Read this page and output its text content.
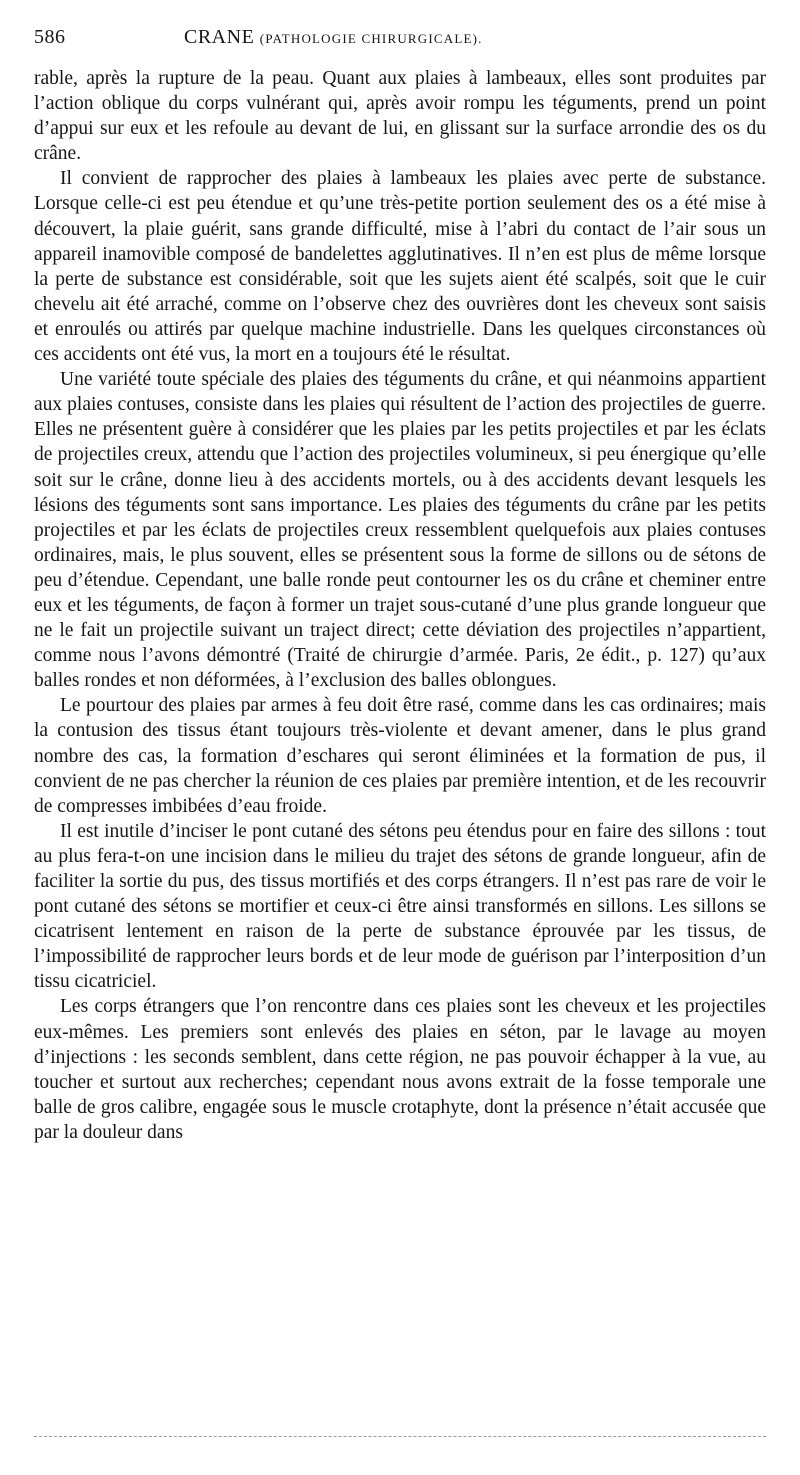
586	CRANE (PATHOLOGIE CHIRURGICALE).

rable, après la rupture de la peau. Quant aux plaies à lambeaux, elles sont produites par l’action oblique du corps vulnérant qui, après avoir rompu les téguments, prend un point d’appui sur eux et les refoule au devant de lui, en glissant sur la surface arrondie des os du crâne.

Il convient de rapprocher des plaies à lambeaux les plaies avec perte de substance. Lorsque celle-ci est peu étendue et qu’une très-petite portion seulement des os a été mise à découvert, la plaie guérit, sans grande difficulté, mise à l’abri du contact de l’air sous un appareil inamovible composé de bandelettes agglutinatives. Il n’en est plus de même lorsque la perte de substance est considérable, soit que les sujets aient été scalpés, soit que le cuir chevelu ait été arraché, comme on l’observe chez des ouvrières dont les cheveux sont saisis et enroulés ou attirés par quelque machine industrielle. Dans les quelques circonstances où ces accidents ont été vus, la mort en a toujours été le résultat.

Une variété toute spéciale des plaies des téguments du crâne, et qui néanmoins appartient aux plaies contuses, consiste dans les plaies qui résultent de l’action des projectiles de guerre. Elles ne présentent guère à considérer que les plaies par les petits projectiles et par les éclats de projectiles creux, attendu que l’action des projectiles volumineux, si peu énergique qu’elle soit sur le crâne, donne lieu à des accidents mortels, ou à des accidents devant lesquels les lésions des téguments sont sans importance. Les plaies des téguments du crâne par les petits projectiles et par les éclats de projectiles creux ressemblent quelquefois aux plaies contuses ordinaires, mais, le plus souvent, elles se présentent sous la forme de sillons ou de sétons de peu d’étendue. Cependant, une balle ronde peut contourner les os du crâne et cheminer entre eux et les téguments, de façon à former un trajet sous-cutané d’une plus grande longueur que ne le fait un projectile suivant un traject direct; cette déviation des projectiles n’appartient, comme nous l’avons démontré (Traité de chirurgie d’armée. Paris, 2e édit., p. 127) qu’aux balles rondes et non déformées, à l’exclusion des balles oblongues.

Le pourtour des plaies par armes à feu doit être rasé, comme dans les cas ordinaires; mais la contusion des tissus étant toujours très-violente et devant amener, dans le plus grand nombre des cas, la formation d’eschares qui seront éliminées et la formation de pus, il convient de ne pas chercher la réunion de ces plaies par première intention, et de les recouvrir de compresses imbibées d’eau froide.

Il est inutile d’inciser le pont cutané des sétons peu étendus pour en faire des sillons : tout au plus fera-t-on une incision dans le milieu du trajet des sétons de grande longueur, afin de faciliter la sortie du pus, des tissus mortifiés et des corps étrangers. Il n’est pas rare de voir le pont cutané des sétons se mortifier et ceux-ci être ainsi transformés en sillons. Les sillons se cicatrisent lentement en raison de la perte de substance éprouvée par les tissus, de l’impossibilité de rapprocher leurs bords et de leur mode de guérison par l’interposition d’un tissu cicatriciel.

Les corps étrangers que l’on rencontre dans ces plaies sont les cheveux et les projectiles eux-mêmes. Les premiers sont enlevés des plaies en séton, par le lavage au moyen d’injections : les seconds semblent, dans cette région, ne pas pouvoir échapper à la vue, au toucher et surtout aux recherches; cependant nous avons extrait de la fosse temporale une balle de gros calibre, engagée sous le muscle crotaphyte, dont la présence n’était accusée que par la douleur dans
